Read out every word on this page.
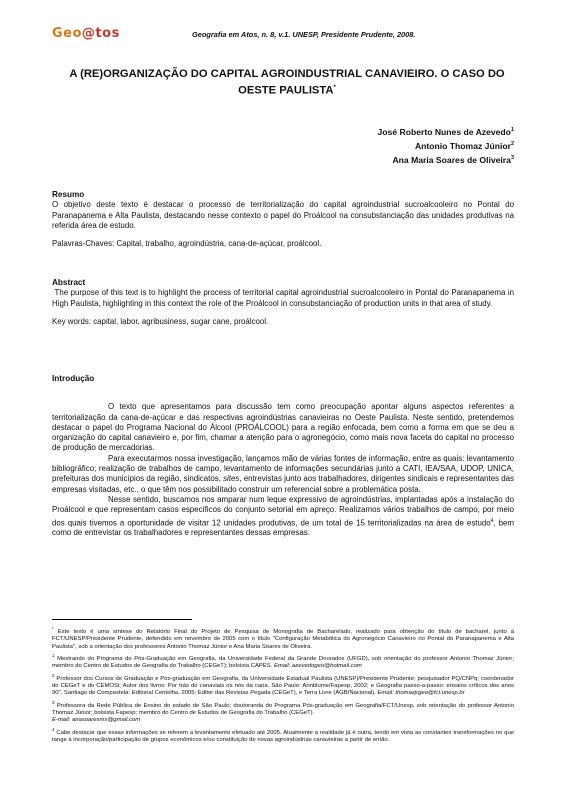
Geo@tos	Geografia em Atos, n. 8, v.1. UNESP, Presidente Prudente, 2008.
A (RE)ORGANIZAÇÃO DO CAPITAL AGROINDUSTRIAL CANAVIEIRO. O CASO DO OESTE PAULISTA*
José Roberto Nunes de Azevedo$^1$
Antonio Thomaz Júnior$^2$
Ana Maria Soares de Oliveira$^3$
Resumo
O objetivo deste texto é destacar o processo de territorialização do capital agroindustrial sucroalcooleiro no Pontal do Paranapanema e Alta Paulista, destacando nesse contexto o papel do Proálcool na consubstanciação das unidades produtivas na referida área de estudo.
Palavras-Chaves: Capital, trabalho, agroindústria, cana-de-açúcar, proálcool.
Abstract
The purpose of this text is to highlight the process of territorial capital agroindustrial sucroalcooleiro in Pontal do Paranapanema in High Paulista, highlighting in this context the role of the Proálcool in consubstanciação of production units in that area of study.
Key words: capital, labor, agribusiness, sugar cane, proálcool.
Introdução
O texto que apresentamos para discussão tem como preocupação apontar alguns aspectos referentes a territorialização da cana-de-açúcar e das respectivas agroindústrias canavieiras no Oeste Paulista. Neste sentido, pretendemos destacar o papel do Programa Nacional do Álcool (PROÁLCOOL) para a região enfocada, bem como a forma em que se deu a organização do capital canavieiro e, por fim, chamar a atenção para o agronegócio, como mais nova faceta do capital no processo de produção de mercadorias.
Para executarmos nossa investigação, lançamos mão de várias fontes de informação, entre as quais: levantamento bibliográfico; realização de trabalhos de campo, levantamento de informações secundárias junto a CATI, IEA/SAA, UDOP, UNICA, prefeituras dos municípios da região, sindicatos, sites, entrevistas junto aos trabalhadores, dirigentes sindicais e representantes das empresas visitadas, etc., o que têm nos possibilitado construir um referencial sobre a problemática posta.
Nesse sentido, buscamos nos amparar num leque expressivo de agroindústrias, implantadas após a instalação do Proálcool e que representam casos específicos do conjunto setorial em apreço. Realizamos vários trabalhos de campo, por meio dos quais tivemos a oportunidade de visitar 12 unidades produtivas, de um total de 15 territorializadas na área de estudo$^4$, bem como de entrevistar os trabalhadores e representantes dessas empresas.

* Este texto é uma síntese do Relatório Final do Projeto de Pesquisa de Monografia de Bacharelado, realizado para obtenção do título de bacharel, junto à FCT/UNESP/Presidente Prudente, defendido em novembro de 2005 com o título "Configuração Metabólica do Agronegócio Canavieiro no Pontal do Paranapanema e Alta Paulista", sob a orientação dos professores Antonio Thomaz Júnior e Ana Maria Soares de Oliveira.

$^1$ Mestrando do Programa de Pós-Graduação em Geografia, da Universidade Federal da Grande Dourados (UFGD), sob orientação do professor Antonio Thomaz Júnior; membro do Centro de Estudos de Geografia do Trabalho (CEGeT); bolsista CAPES. Email: azevedogeo@hotmail.com

$^2$ Professor dos Cursos de Graduação e Pós-graduação em Geografia, da Universidade Estadual Paulista (UNESP)/Presidente Prudente; pesquisador PQ/CNPq; coordenador do CEGeT e do CEMOSi; Autor dos livros: Por trás do canaviais os nós da cana. São Paulo: Annblume/Fapesp, 2002; e Geografia passo-a-passo: ensaios críticos dos anos 90". Santiago de Compostela: Editorial Centelha, 2005; Editor das Revistas Pegada (CEGeT), e Terra Livre (AGB/Nacional). Email: thomazjrgeo@fct.unesp.br

$^3$ Professora da Rede Pública de Ensino do estado de São Paulo; doutoranda do Programa Pós-graduação em Geografia/FCT/Unesp, sob orientação do professor Antonio Thomaz Júnior; bolsista Fapesp; membro do Centro de Estudos de Geografia do Trabalho (CEGeT).
E-mail: anasoaresms@gmail.com

$^4$ Cabe destacar que essas informações se referem a levantamento efetuado até 2005. Atualmente a realidade já é outra, tendo em vista as constantes transformações no que tange à incorporação/participação de grupos econômicos e/ou constituição de novas agroindústrias canavieiras a partir de então.
